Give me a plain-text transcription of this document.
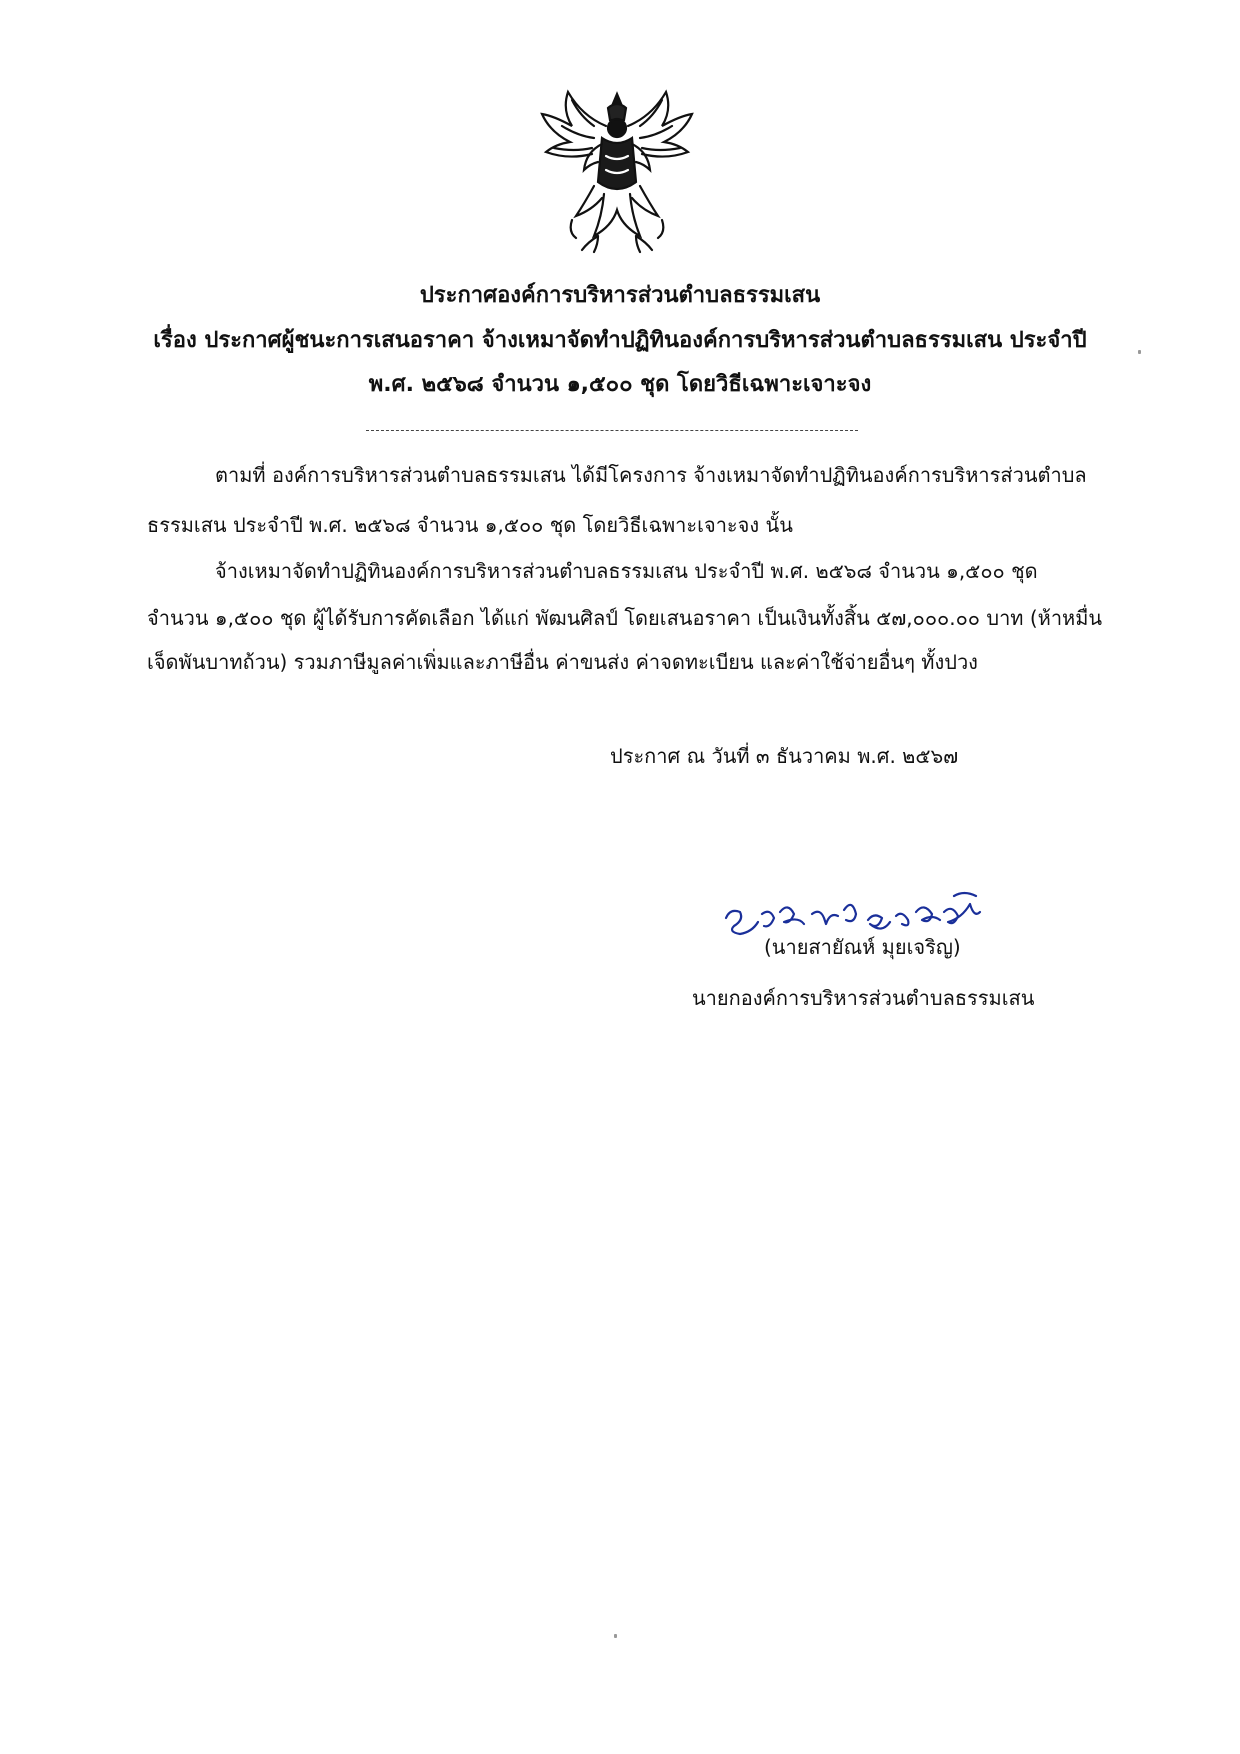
ประกาศองค์การบริหารส่วนตำบลธรรมเสน
เรื่อง ประกาศผู้ชนะการเสนอราคา จ้างเหมาจัดทำปฏิทินองค์การบริหารส่วนตำบลธรรมเสน ประจำปี
พ.ศ. ๒๕๖๘ จำนวน ๑,๕๐๐ ชุด โดยวิธีเฉพาะเจาะจง
ตามที่ องค์การบริหารส่วนตำบลธรรมเสน ได้มีโครงการ จ้างเหมาจัดทำปฏิทินองค์การบริหารส่วนตำบล
ธรรมเสน ประจำปี พ.ศ. ๒๕๖๘ จำนวน ๑,๕๐๐ ชุด โดยวิธีเฉพาะเจาะจง นั้น
จ้างเหมาจัดทำปฏิทินองค์การบริหารส่วนตำบลธรรมเสน ประจำปี พ.ศ. ๒๕๖๘ จำนวน ๑,๕๐๐ ชุด
จำนวน ๑,๕๐๐ ชุด ผู้ได้รับการคัดเลือก ได้แก่ พัฒนศิลป์ โดยเสนอราคา เป็นเงินทั้งสิ้น ๕๗,๐๐๐.๐๐ บาท (ห้าหมื่น
เจ็ดพันบาทถ้วน) รวมภาษีมูลค่าเพิ่มและภาษีอื่น ค่าขนส่ง ค่าจดทะเบียน และค่าใช้จ่ายอื่นๆ ทั้งปวง
ประกาศ ณ วันที่ ๓ ธันวาคม พ.ศ. ๒๕๖๗
(นายสายัณห์ มุยเจริญ)
นายกองค์การบริหารส่วนตำบลธรรมเสน
